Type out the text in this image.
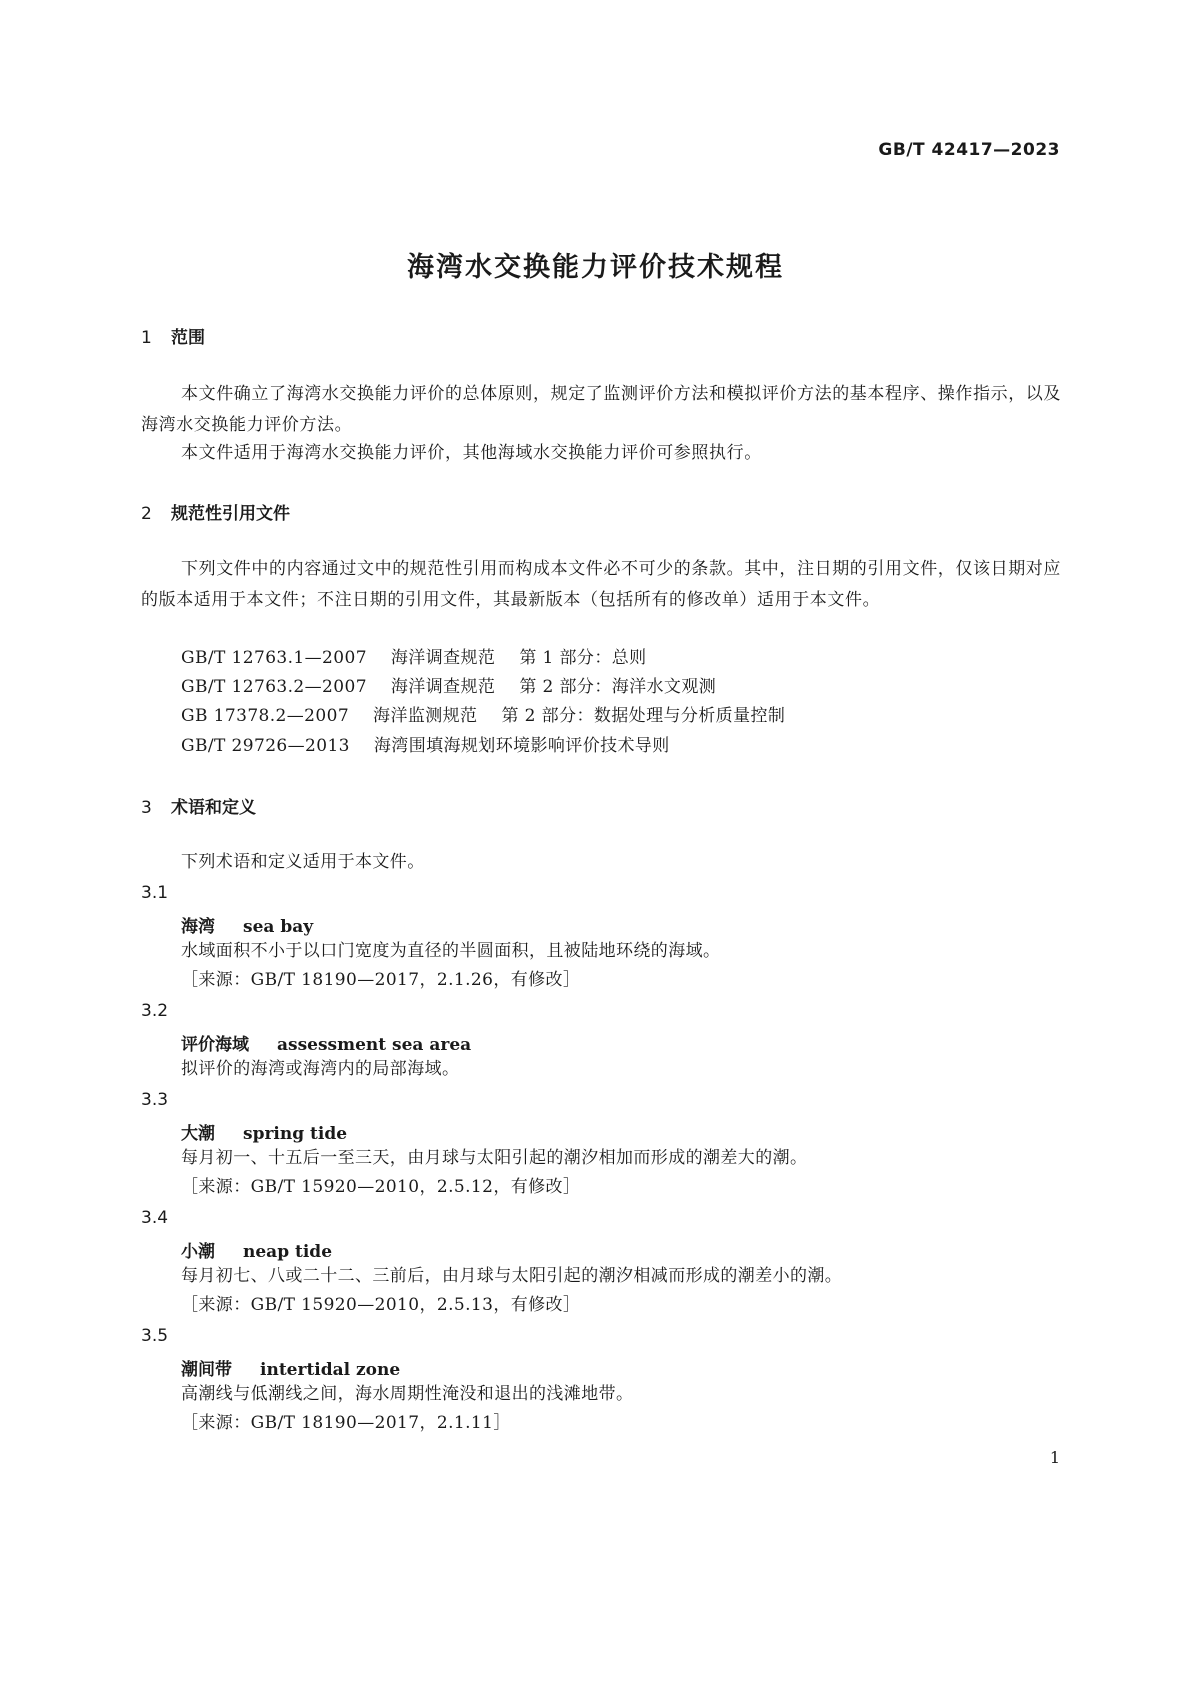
GB/T 42417—2023
海湾水交换能力评价技术规程
1 范围

本文件确立了海湾水交换能力评价的总体原则，规定了监测评价方法和模拟评价方法的基本程序、操作指示，以及海湾水交换能力评价方法。

本文件适用于海湾水交换能力评价，其他海域水交换能力评价可参照执行。

2 规范性引用文件

下列文件中的内容通过文中的规范性引用而构成本文件必不可少的条款。其中，注日期的引用文件，仅该日期对应的版本适用于本文件；不注日期的引用文件，其最新版本（包括所有的修改单）适用于本文件。

GB/T 12763.1—2007 海洋调查规范 第 1 部分：总则

GB/T 12763.2—2007 海洋调查规范 第 2 部分：海洋水文观测

GB 17378.2—2007 海洋监测规范 第 2 部分：数据处理与分析质量控制

GB/T 29726—2013 海湾围填海规划环境影响评价技术导则

3 术语和定义

下列术语和定义适用于本文件。

3.1

海湾 sea bay

水域面积不小于以口门宽度为直径的半圆面积，且被陆地环绕的海域。

［来源：GB/T 18190—2017，2.1.26，有修改］

3.2

评价海域 assessment sea area

拟评价的海湾或海湾内的局部海域。

3.3

大潮 spring tide

每月初一、十五后一至三天，由月球与太阳引起的潮汐相加而形成的潮差大的潮。

［来源：GB/T 15920—2010，2.5.12，有修改］

3.4

小潮 neap tide

每月初七、八或二十二、三前后，由月球与太阳引起的潮汐相减而形成的潮差小的潮。

［来源：GB/T 15920—2010，2.5.13，有修改］

3.5

潮间带 intertidal zone

高潮线与低潮线之间，海水周期性淹没和退出的浅滩地带。

［来源：GB/T 18190—2017，2.1.11］

1
